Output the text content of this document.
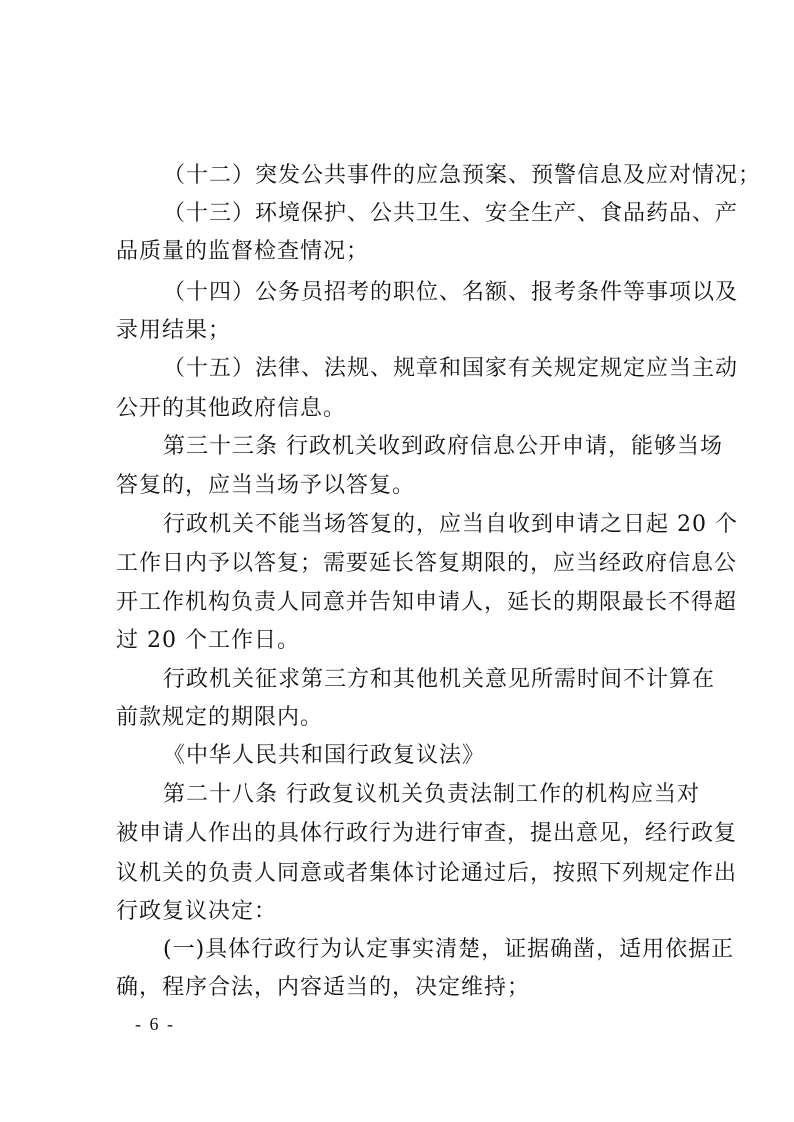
（十二）突发公共事件的应急预案、预警信息及应对情况；
（十三）环境保护、公共卫生、安全生产、食品药品、产
品质量的监督检查情况；
（十四）公务员招考的职位、名额、报考条件等事项以及
录用结果；
（十五）法律、法规、规章和国家有关规定规定应当主动
公开的其他政府信息。
第三十三条 行政机关收到政府信息公开申请，能够当场
答复的，应当当场予以答复。
行政机关不能当场答复的，应当自收到申请之日起 20 个
工作日内予以答复；需要延长答复期限的，应当经政府信息公
开工作机构负责人同意并告知申请人，延长的期限最长不得超
过 20 个工作日。
行政机关征求第三方和其他机关意见所需时间不计算在
前款规定的期限内。
《中华人民共和国行政复议法》
第二十八条 行政复议机关负责法制工作的机构应当对
被申请人作出的具体行政行为进行审查，提出意见，经行政复
议机关的负责人同意或者集体讨论通过后，按照下列规定作出
行政复议决定：
(一)具体行政行为认定事实清楚，证据确凿，适用依据正
确，程序合法，内容适当的，决定维持；
- 6 -
